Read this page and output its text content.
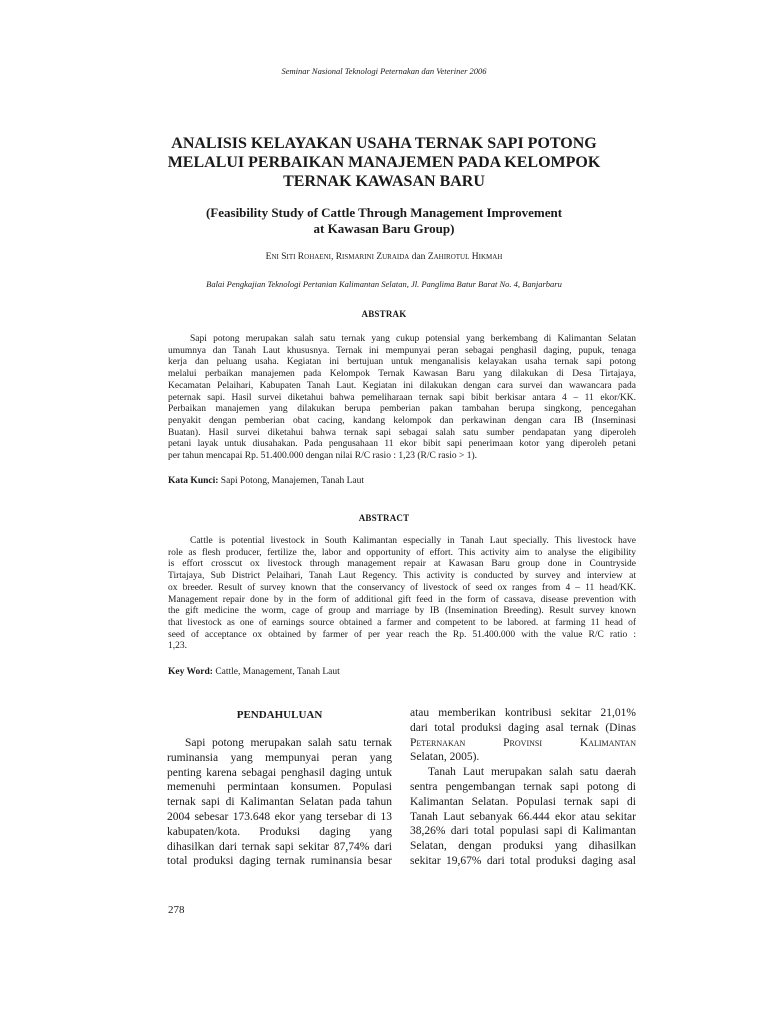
Seminar Nasional Teknologi Peternakan dan Veteriner 2006
ANALISIS KELAYAKAN USAHA TERNAK SAPI POTONG
MELALUI PERBAIKAN MANAJEMEN PADA KELOMPOK
TERNAK KAWASAN BARU
(Feasibility Study of Cattle Through Management Improvement
at Kawasan Baru Group)
Eni Siti Rohaeni, Rismarini Zuraida dan Zahirotul Hikmah
Balai Pengkajian Teknologi Pertanian Kalimantan Selatan, Jl. Panglima Batur Barat No. 4, Banjarbaru
ABSTRAK
Sapi potong merupakan salah satu ternak yang cukup potensial yang berkembang di Kalimantan Selatan
umumnya dan Tanah Laut khususnya. Ternak ini mempunyai peran sebagai penghasil daging, pupuk, tenaga
kerja dan peluang usaha. Kegiatan ini bertujuan untuk menganalisis kelayakan usaha ternak sapi potong
melalui perbaikan manajemen pada Kelompok Ternak Kawasan Baru yang dilakukan di Desa Tirtajaya,
Kecamatan Pelaihari, Kabupaten Tanah Laut. Kegiatan ini dilakukan dengan cara survei dan wawancara pada
peternak sapi. Hasil survei diketahui bahwa pemeliharaan ternak sapi bibit berkisar antara 4 – 11 ekor/KK.
Perbaikan manajemen yang dilakukan berupa pemberian pakan tambahan berupa singkong, pencegahan
penyakit dengan pemberian obat cacing, kandang kelompok dan perkawinan dengan cara IB (Inseminasi
Buatan). Hasil survei diketahui bahwa ternak sapi sebagai salah satu sumber pendapatan yang diperoleh
petani layak untuk diusahakan. Pada pengusahaan 11 ekor bibit sapi penerimaan kotor yang diperoleh petani
per tahun mencapai Rp. 51.400.000 dengan nilai R/C rasio : 1,23 (R/C rasio > 1).
Kata Kunci: Sapi Potong, Manajemen, Tanah Laut
ABSTRACT
Cattle is potential livestock in South Kalimantan especially in Tanah Laut specially. This livestock have
role as flesh producer, fertilize the, labor and opportunity of effort. This activity aim to analyse the eligibility
is effort crosscut ox livestock through management repair at Kawasan Baru group done in Countryside
Tirtajaya, Sub District Pelaihari, Tanah Laut Regency. This activity is conducted by survey and interview at
ox breeder. Result of survey known that the conservancy of livestock of seed ox ranges from 4 – 11 head/KK.
Management repair done by in the form of additional gift feed in the form of cassava, disease prevention with
the gift medicine the worm, cage of group and marriage by IB (Insemination Breeding). Result survey known
that livestock as one of earnings source obtained a farmer and competent to be labored. at farming 11 head of
seed of acceptance ox obtained by farmer of per year reach the Rp. 51.400.000 with the value R/C ratio :
1,23.
Key Word: Cattle, Management, Tanah Laut
PENDAHULUAN
Sapi potong merupakan salah satu ternak
ruminansia yang mempunyai peran yang
penting karena sebagai penghasil daging untuk
memenuhi permintaan konsumen. Populasi
ternak sapi di Kalimantan Selatan pada tahun
2004 sebesar 173.648 ekor yang tersebar di 13
kabupaten/kota. Produksi daging yang
dihasilkan dari ternak sapi sekitar 87,74% dari
total produksi daging ternak ruminansia besar
atau memberikan kontribusi sekitar 21,01%
dari total produksi daging asal ternak (Dinas
Peternakan Provinsi Kalimantan
Selatan, 2005).
Tanah Laut merupakan salah satu daerah
sentra pengembangan ternak sapi potong di
Kalimantan Selatan. Populasi ternak sapi di
Tanah Laut sebanyak 66.444 ekor atau sekitar
38,26% dari total populasi sapi di Kalimantan
Selatan, dengan produksi yang dihasilkan
sekitar 19,67% dari total produksi daging asal
278
